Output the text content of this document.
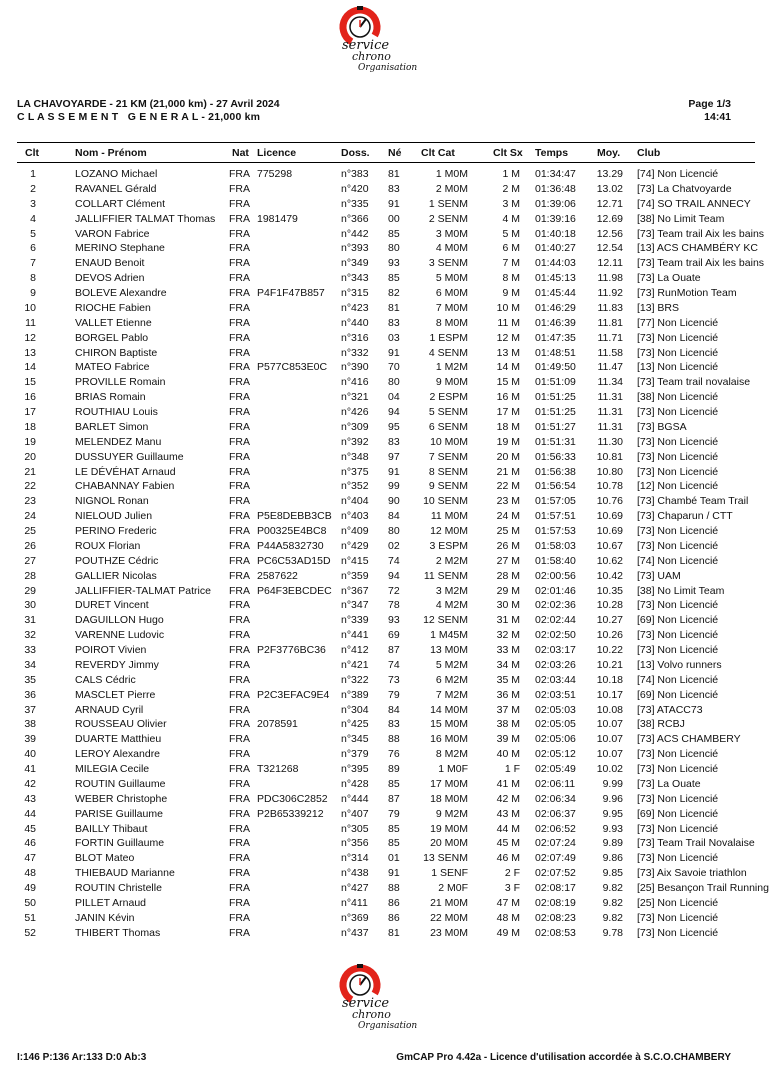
service
chrono
Organisation
LA CHAVOYARDE - 21 KM (21,000 km) - 27 Avril 2024
C L A S S E M E N T   G E N E R A L - 21,000 km
Page 1/3
14:41
Clt	Nom - Prénom	Nat Licence	Doss. Né Clt Cat	Clt Sx Temps	Moy. Club
1	LOZANO Michael	FRA 775298	n°383	81	1 M0M	1 M 01:34:47	13.29 [74] Non Licencié
2	RAVANEL Gérald	FRA	n°420	83	2 M0M	2 M 01:36:48	13.02 [73] La Chatvoyarde
3	COLLART Clément	FRA	n°335	91	1 SENM	3 M 01:39:06	12.71 [74] SO TRAIL ANNECY
4	JALLIFFIER TALMAT Thomas	FRA 1981479	n°366	00	2 SENM	4 M 01:39:16	12.69 [38] No Limit Team
5	VARON Fabrice	FRA	n°442	85	3 M0M	5 M 01:40:18	12.56 [73] Team trail Aix les bains
6	MERINO Stephane	FRA	n°393	80	4 M0M	6 M 01:40:27	12.54 [13] ACS CHAMBÉRY KC
7	ENAUD Benoit	FRA	n°349	93	3 SENM	7 M 01:44:03	12.11 [73] Team trail Aix les bains
8	DEVOS Adrien	FRA	n°343	85	5 M0M	8 M 01:45:13	11.98 [73] La Ouate
9	BOLEVE Alexandre	FRA P4F1F47B857	n°315	82	6 M0M	9 M 01:45:44	11.92 [73] RunMotion Team
10	RIOCHE Fabien	FRA	n°423	81	7 M0M	10 M 01:46:29	11.83 [13] BRS
11	VALLET Etienne	FRA	n°440	83	8 M0M	11 M 01:46:39	11.81 [77] Non Licencié
12	BORGEL Pablo	FRA	n°316	03	1 ESPM	12 M 01:47:35	11.71 [73] Non Licencié
13	CHIRON Baptiste	FRA	n°332	91	4 SENM	13 M 01:48:51	11.58 [73] Non Licencié
14	MATEO Fabrice	FRA P577C853E0C	n°390	70	1 M2M	14 M 01:49:50	11.47 [13] Non Licencié
15	PROVILLE Romain	FRA	n°416	80	9 M0M	15 M 01:51:09	11.34 [73] Team trail novalaise
16	BRIAS Romain	FRA	n°321	04	2 ESPM	16 M 01:51:25	11.31 [38] Non Licencié
17	ROUTHIAU Louis	FRA	n°426	94	5 SENM	17 M 01:51:25	11.31 [73] Non Licencié
18	BARLET Simon	FRA	n°309	95	6 SENM	18 M 01:51:27	11.31 [73] BGSA
19	MELENDEZ Manu	FRA	n°392	83	10 M0M	19 M 01:51:31	11.30 [73] Non Licencié
20	DUSSUYER Guillaume	FRA	n°348	97	7 SENM	20 M 01:56:33	10.81 [73] Non Licencié
21	LE DÉVÉHAT Arnaud	FRA	n°375	91	8 SENM	21 M 01:56:38	10.80 [73] Non Licencié
22	CHABANNAY Fabien	FRA	n°352	99	9 SENM	22 M 01:56:54	10.78 [12] Non Licencié
23	NIGNOL Ronan	FRA	n°404	90	10 SENM	23 M 01:57:05	10.76 [73] Chambé Team Trail
24	NIELOUD Julien	FRA P5E8DEBB3CB n°403	84	11 M0M	24 M 01:57:51	10.69 [73] Chaparun / CTT
25	PERINO Frederic	FRA P00325E4BC8	n°409	80	12 M0M	25 M 01:57:53	10.69 [73] Non Licencié
26	ROUX Florian	FRA P44A5832730	n°429	02	3 ESPM	26 M 01:58:03	10.67 [73] Non Licencié
27	POUTHZE Cédric	FRA PC6C53AD15D n°415	74	2 M2M	27 M 01:58:40	10.62 [74] Non Licencié
28	GALLIER Nicolas	FRA 2587622	n°359	94	11 SENM	28 M 02:00:56	10.42 [73] UAM
29	JALLIFFIER-TALMAT Patrice	FRA P64F3EBCDEC n°367	72	3 M2M	29 M 02:01:46	10.35 [38] No Limit Team
30	DURET Vincent	FRA	n°347	78	4 M2M	30 M 02:02:36	10.28 [73] Non Licencié
31	DAGUILLON Hugo	FRA	n°339	93	12 SENM	31 M 02:02:44	10.27 [69] Non Licencié
32	VARENNE Ludovic	FRA	n°441	69	1 M45M	32 M 02:02:50	10.26 [73] Non Licencié
33	POIROT Vivien	FRA P2F3776BC36	n°412	87	13 M0M	33 M 02:03:17	10.22 [73] Non Licencié
34	REVERDY Jimmy	FRA	n°421	74	5 M2M	34 M 02:03:26	10.21 [13] Volvo runners
35	CALS Cédric	FRA	n°322	73	6 M2M	35 M 02:03:44	10.18 [74] Non Licencié
36	MASCLET Pierre	FRA P2C3EFAC9E4	n°389	79	7 M2M	36 M 02:03:51	10.17 [69] Non Licencié
37	ARNAUD Cyril	FRA	n°304	84	14 M0M	37 M 02:05:03	10.08 [73] ATACC73
38	ROUSSEAU Olivier	FRA 2078591	n°425	83	15 M0M	38 M 02:05:05	10.07 [38] RCBJ
39	DUARTE Matthieu	FRA	n°345	88	16 M0M	39 M 02:05:06	10.07 [73] ACS CHAMBERY
40	LEROY Alexandre	FRA	n°379	76	8 M2M	40 M 02:05:12	10.07 [73] Non Licencié
41	MILEGIA Cecile	FRA T321268	n°395	89	1 M0F	1 F 02:05:49	10.02 [73] Non Licencié
42	ROUTIN Guillaume	FRA	n°428	85	17 M0M	41 M 02:06:11	9.99 [73] La Ouate
43	WEBER Christophe	FRA PDC306C2852	n°444	87	18 M0M	42 M 02:06:34	9.96 [73] Non Licencié
44	PARISE Guillaume	FRA P2B65339212	n°407	79	9 M2M	43 M 02:06:37	9.95 [69] Non Licencié
45	BAILLY Thibaut	FRA	n°305	85	19 M0M	44 M 02:06:52	9.93 [73] Non Licencié
46	FORTIN Guillaume	FRA	n°356	85	20 M0M	45 M 02:07:24	9.89 [73] Team Trail Novalaise
47	BLOT Mateo	FRA	n°314	01	13 SENM	46 M 02:07:49	9.86 [73] Non Licencié
48	THIEBAUD Marianne	FRA	n°438	91	1 SENF	2 F 02:07:52	9.85 [73] Aix Savoie triathlon
49	ROUTIN Christelle	FRA	n°427	88	2 M0F	3 F 02:08:17	9.82 [25] Besançon Trail Running
50	PILLET Arnaud	FRA	n°411	86	21 M0M	47 M 02:08:19	9.82 [25] Non Licencié
51	JANIN Kévin	FRA	n°369	86	22 M0M	48 M 02:08:23	9.82 [73] Non Licencié
52	THIBERT Thomas	FRA	n°437	81	23 M0M	49 M 02:08:53	9.78 [73] Non Licencié
service
chrono
Organisation
I:146 P:136 Ar:133 D:0 Ab:3	GmCAP Pro 4.42a - Licence d'utilisation accordée à S.C.O.CHAMBERY
